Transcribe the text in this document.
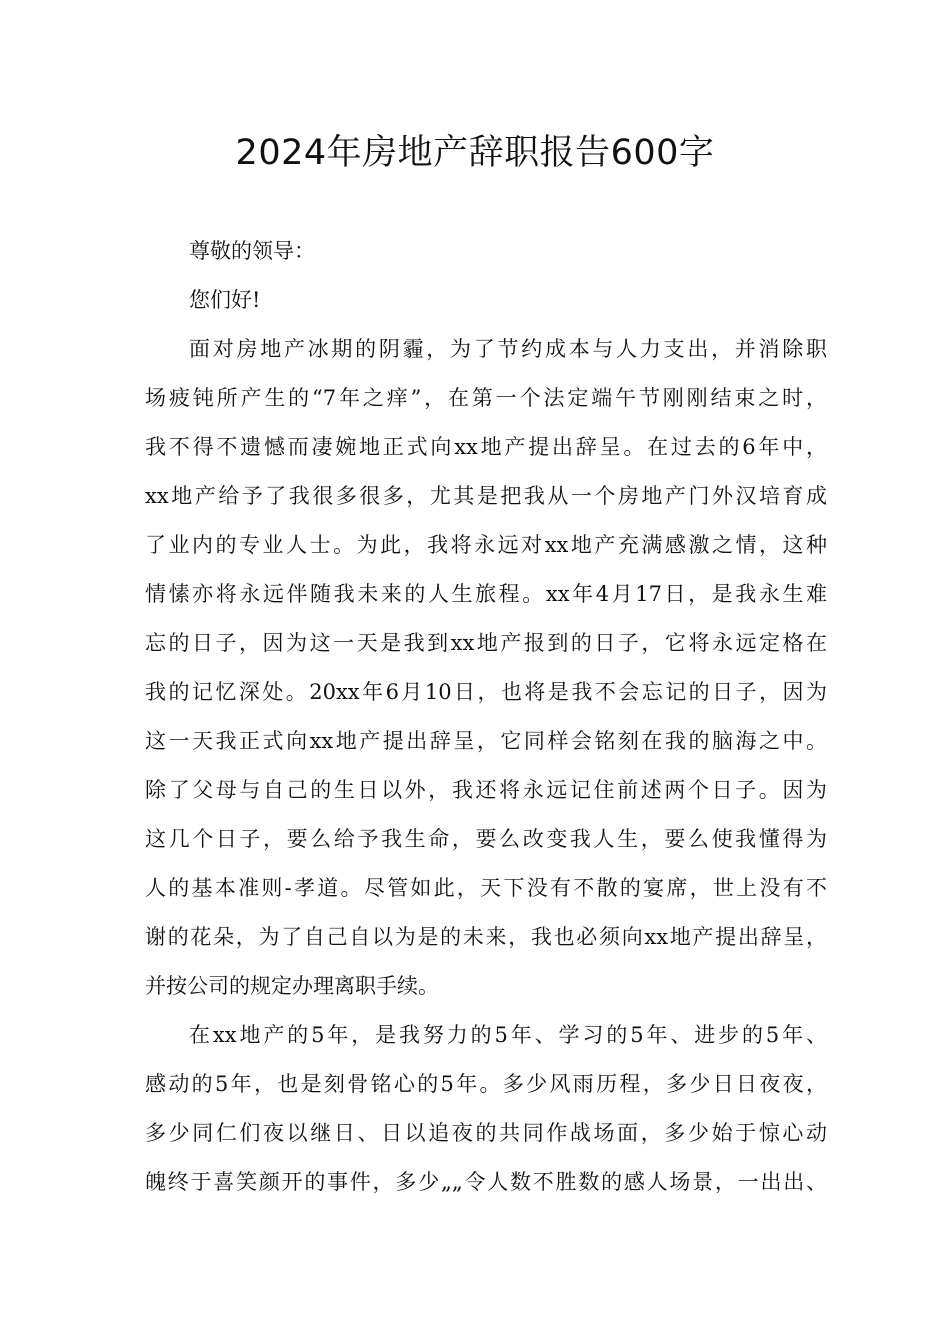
2024年房地产辞职报告600字
尊敬的领导：
您们好!
面对房地产冰期的阴霾，为了节约成本与人力支出，并消除职
场疲钝所产生的“7年之痒”，在第一个法定端午节刚刚结束之时，
我不得不遗憾而凄婉地正式向xx地产提出辞呈。在过去的6年中，
xx地产给予了我很多很多，尤其是把我从一个房地产门外汉培育成
了业内的专业人士。为此，我将永远对xx地产充满感激之情，这种
情愫亦将永远伴随我未来的人生旅程。xx年4月17日，是我永生难
忘的日子，因为这一天是我到xx地产报到的日子，它将永远定格在
我的记忆深处。20xx年6月10日，也将是我不会忘记的日子，因为
这一天我正式向xx地产提出辞呈，它同样会铭刻在我的脑海之中。
除了父母与自己的生日以外，我还将永远记住前述两个日子。因为
这几个日子，要么给予我生命，要么改变我人生，要么使我懂得为
人的基本准则-孝道。尽管如此，天下没有不散的宴席，世上没有不
谢的花朵，为了自己自以为是的未来，我也必须向xx地产提出辞呈，
并按公司的规定办理离职手续。
在xx地产的5年，是我努力的5年、学习的5年、进步的5年、
感动的5年，也是刻骨铭心的5年。多少风雨历程，多少日日夜夜，
多少同仁们夜以继日、日以追夜的共同作战场面，多少始于惊心动
魄终于喜笑颜开的事件，多少„„令人数不胜数的感人场景，一出出、
